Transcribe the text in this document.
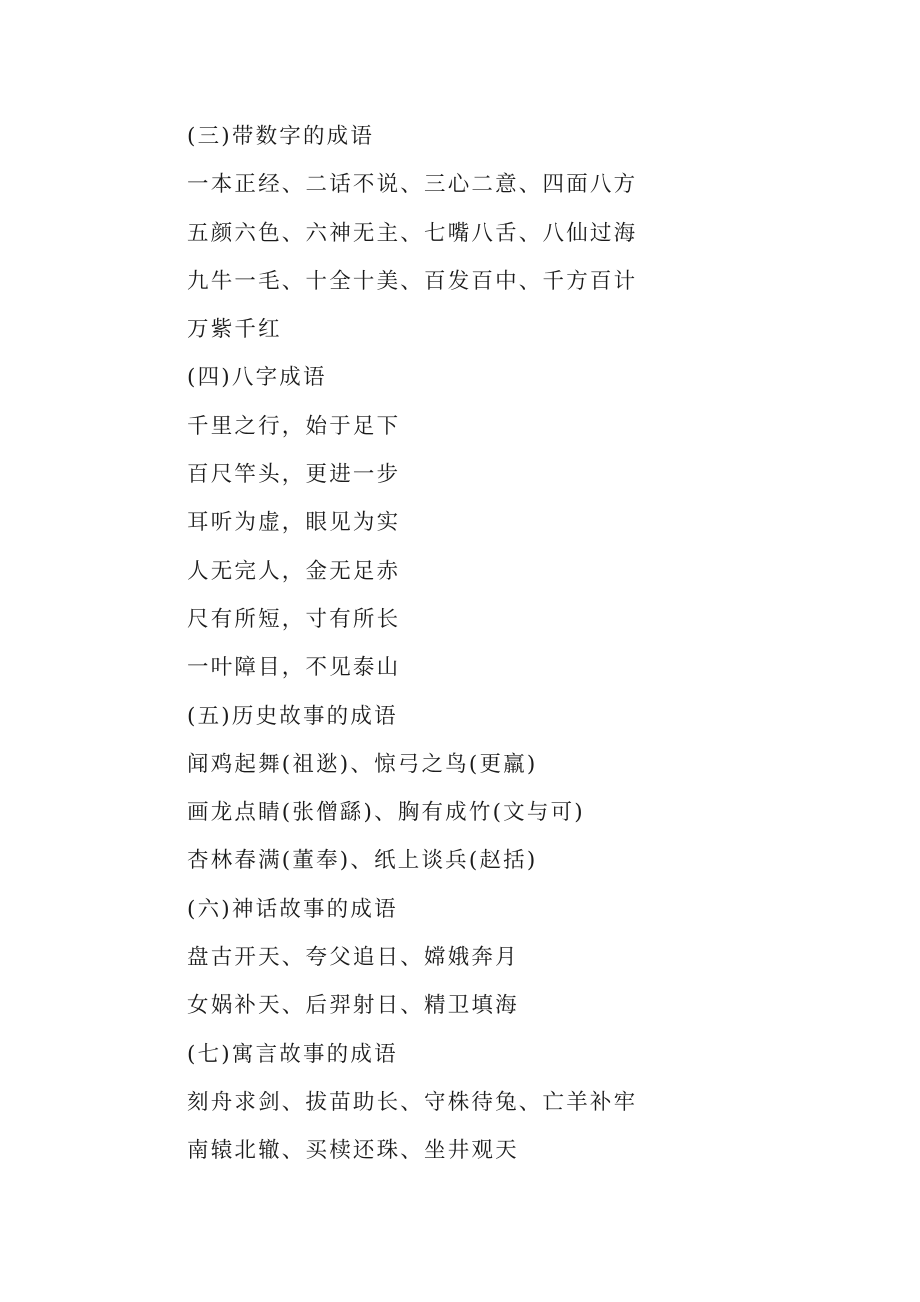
(三)带数字的成语
一本正经、二话不说、三心二意、四面八方
五颜六色、六神无主、七嘴八舌、八仙过海
九牛一毛、十全十美、百发百中、千方百计
万紫千红
(四)八字成语
千里之行，始于足下
百尺竿头，更进一步
耳听为虚，眼见为实
人无完人，金无足赤
尺有所短，寸有所长
一叶障目，不见泰山
(五)历史故事的成语
闻鸡起舞(祖逖)、惊弓之鸟(更羸)
画龙点睛(张僧繇)、胸有成竹(文与可)
杏林春满(董奉)、纸上谈兵(赵括)
(六)神话故事的成语
盘古开天、夸父追日、嫦娥奔月
女娲补天、后羿射日、精卫填海
(七)寓言故事的成语
刻舟求剑、拔苗助长、守株待兔、亡羊补牢
南辕北辙、买椟还珠、坐井观天
